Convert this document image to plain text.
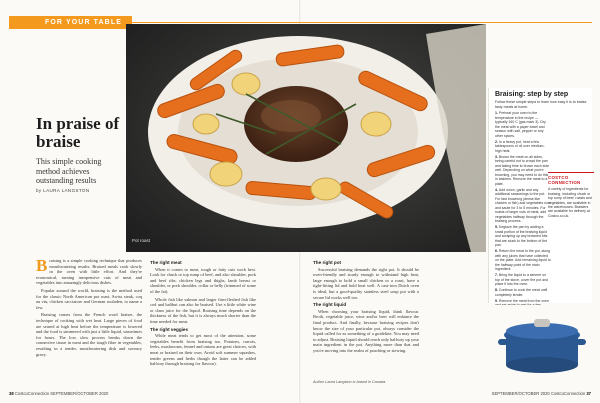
FOR YOUR TABLE
Pot roast
In praise of braise

This simple cooking method achieves outstanding results

by LAURA LANGSTON

Braising is a simple cooking technique that produces mouthwatering results. Braised meals cook slowly in the oven with little effort. And they're economical, turning inexpensive cuts of meat and vegetables into amazingly delicious dishes.

Popular around the world, braising is the method used for the classic North American pot roast, Swiss steak, coq au vin, chicken cacciatore and German rouladen, to name a few.

Braising comes from the French word braiser, the technique of cooking with wet heat. Large pieces of food are seared at high heat before the temperature is lowered and the food is simmered with just a little liquid, sometimes for hours. The low, slow process breaks down the connective tissue in meat and the tough fibre in vegetables, resulting in a tender, mouthwatering dish and savoury gravy.

The right meat

When it comes to meat, tough or fatty cuts work best. Look for chuck or top rump of beef, and also shoulder, pork and beef ribs, chicken legs and thighs, lamb breast or shoulder, or pork shoulder, collar or belly (trimmed of some of the fat).

Whole fish like salmon and larger firm-fleshed fish like cod and halibut can also be braised. Use a little white wine or clam juice for the liquid. Braising time depends on the thickness of the fish, but it is always much shorter than the time needed for meat.

The right veggies

While meat tends to get most of the attention, some vegetables benefit from braising too. Potatoes, carrots, leeks, mushrooms, fennel and onions are great choices, with meat or braised on their own. Avoid soft summer squashes, tender greens and herbs though the latter can be added halfway through braising for flavour).

The right pot

Successful braising demands the right pot. It should be oven-friendly and sturdy enough to withstand high heat, large enough to hold a small chicken or a roast, have a tight-fitting lid and hold heat well. A cast-iron Dutch oven is ideal, but a good-quality stainless steel soup pot with a secure lid works well too.

The right liquid

When choosing your braising liquid, think flavour. Broth, vegetable juice, wine and/or beer will enhance the final product. And finally, because braising recipes don't know the size of your particular pot, always consider the liquid called for as something of a guideline. You may need to adjust. Braising liquid should reach only halfway up your main ingredient in the pot. Anything more than that and you're moving into the realm of poaching or stewing.

Author Laura Langston is based in Canada.
Braising: step by step

Follow these simple steps to learn how easy it is to braise tasty meals at home.

1.Preheat your oven to the temperature in the recipe — typically 160 C (gas mark 3). Dry the meat with a paper towel and season with salt, pepper or any other spices.
2.In a heavy pot, heat a few tablespoons of oil over medium-high heat.
3.Brown the meat on all sides, being careful not to crowd the pan and taking time to brown each side well. Depending on what you're browning, you may need to do this in batches. Remove the meat to a plate.
4.Add onion, garlic and any additional seasonings to the pot. For fast browning (dense like chicken or fish) add vegetables now and saute for 3 to 5 minutes. For roasts of larger cuts of meat, add vegetables halfway through the braising process.
5.Deglaze the pan by adding a small portion of the braising liquid and scraping up any browned bits that are stuck to the bottom of the pan.
6.Return the meat to the pot, along with any juices that have collected on the plate. Add remaining liquid to the halfway point of the main ingredient.
7.Bring the liquid to a simmer on top of the stove, cover the pot and place it into the oven.
8.Continue to cook the meat until completely tender.
9.Remove the meat from the oven
COSTCO CONNECTION
A variety of ingredients for braising, including chuck or top rump of beef, roasts and vegetables, are available in the warehouses. Braisiers are available for delivery at Costco.co.uk.
38 CostcoConnection SEPTEMBER/OCTOBER 2020	SEPTEMBER/OCTOBER 2020 CostcoConnection 37
